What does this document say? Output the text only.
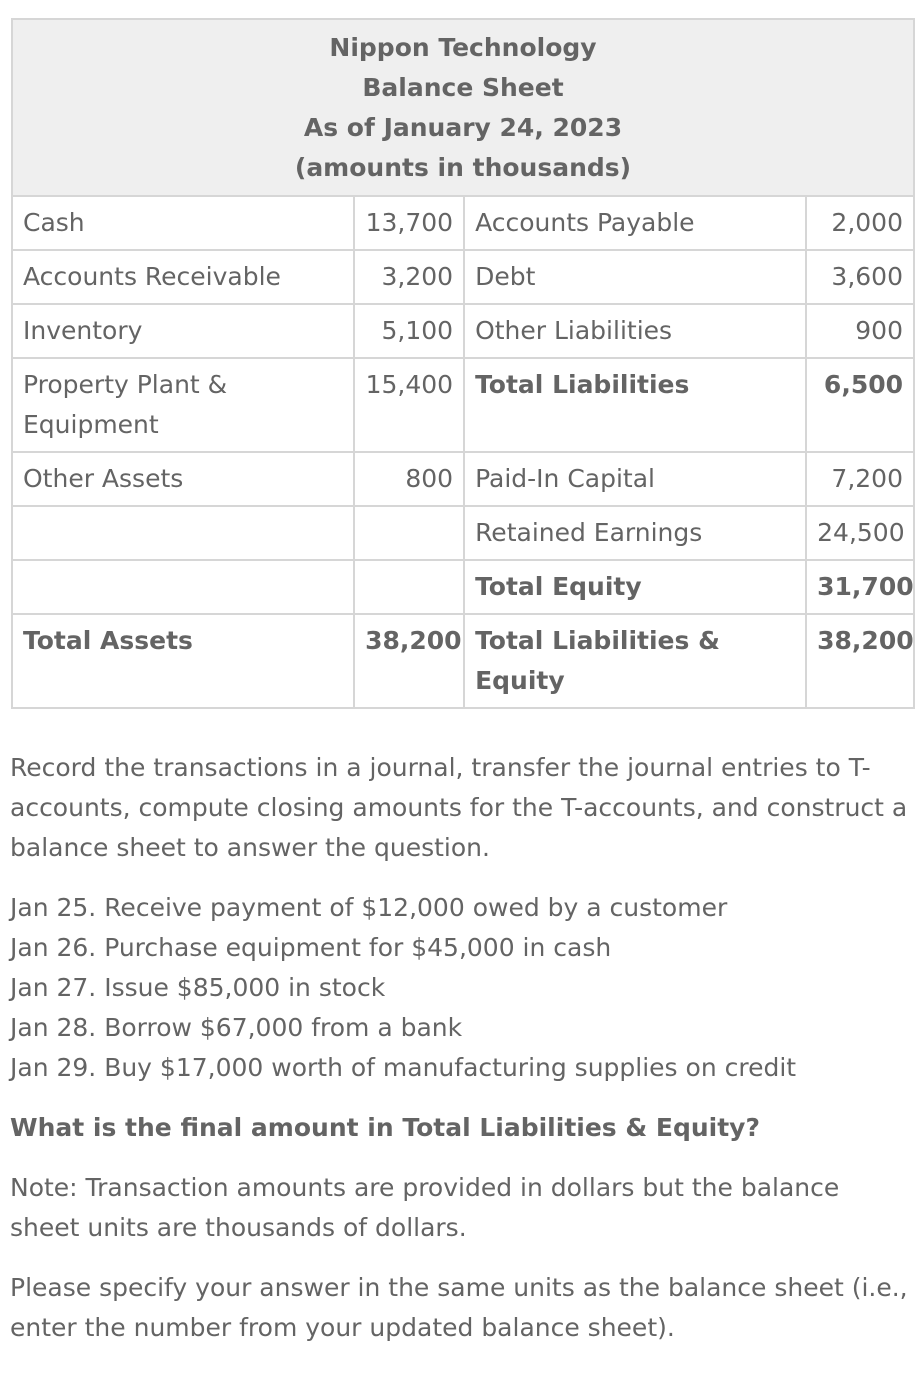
Nippon Technology
Balance Sheet
As of January 24, 2023
(amounts in thousands)			

Cash	13,700	Accounts Payable	2,000
Accounts Receivable	3,200	Debt	3,600
Inventory	5,100	Other Liabilities	900
Property Plant & Equipment	15,400	Total Liabilities	6,500
Other Assets	800	Paid-In Capital	7,200
		Retained Earnings	24,500
		Total Equity	31,700
Total Assets	38,200	Total Liabilities & Equity	38,200

Record the transactions in a journal, transfer the journal entries to T-accounts, compute closing amounts for the T-accounts, and construct a balance sheet to answer the question.

Jan 25. Receive payment of $12,000 owed by a customer
Jan 26. Purchase equipment for $45,000 in cash
Jan 27. Issue $85,000 in stock
Jan 28. Borrow $67,000 from a bank
Jan 29. Buy $17,000 worth of manufacturing supplies on credit

What is the final amount in Total Liabilities & Equity?

Note: Transaction amounts are provided in dollars but the balance sheet units are thousands of dollars.

Please specify your answer in the same units as the balance sheet (i.e., enter the number from your updated balance sheet).
